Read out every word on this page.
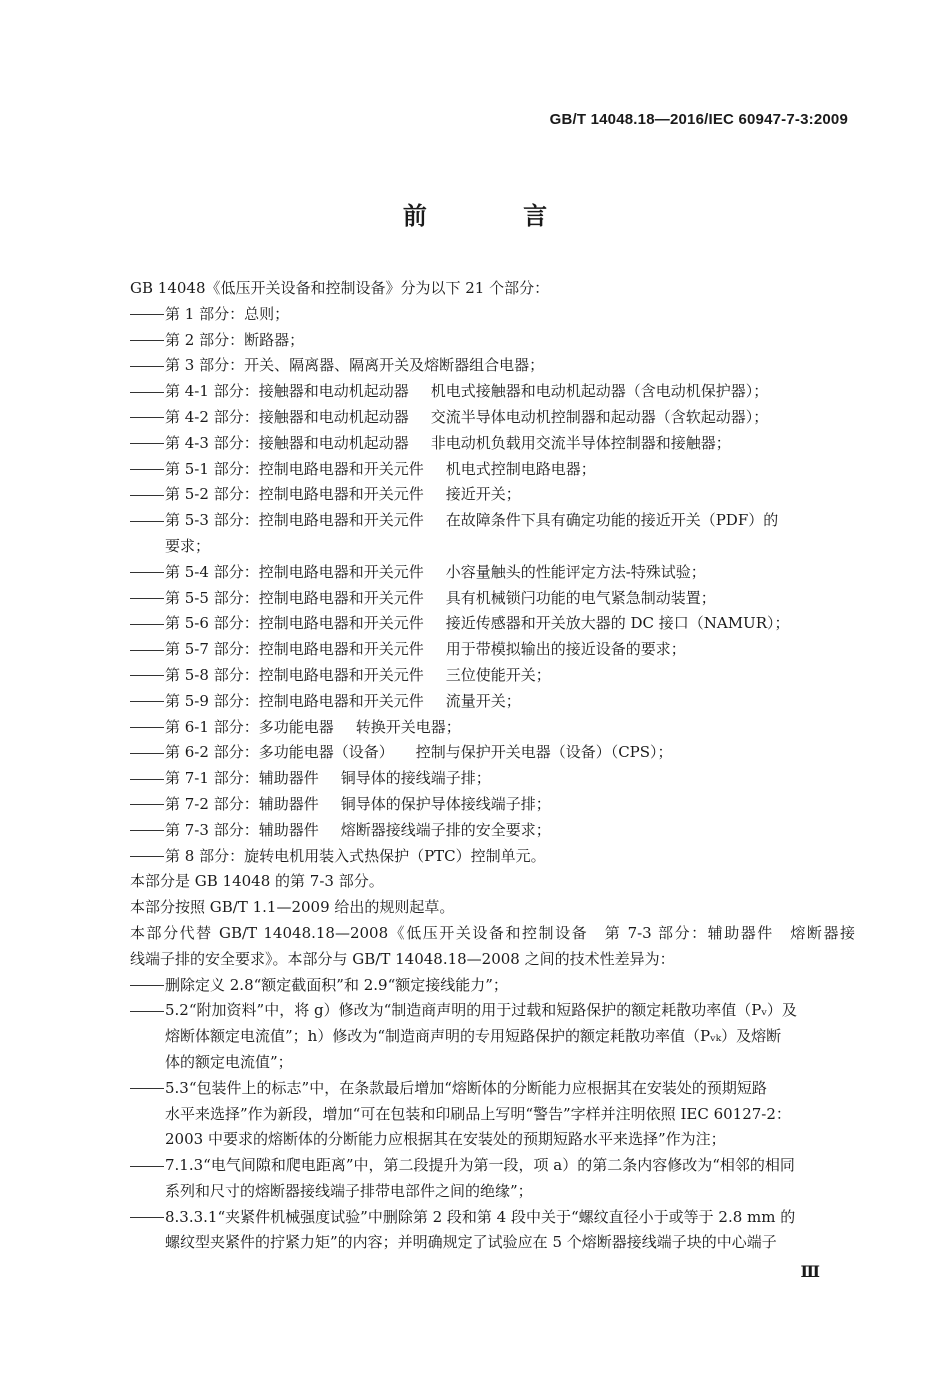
GB/T 14048.18—2016/IEC 60947-7-3:2009
前 言
GB 14048《低压开关设备和控制设备》分为以下 21 个部分：
第 1 部分：总则；
第 2 部分：断路器；
第 3 部分：开关、隔离器、隔离开关及熔断器组合电器；
第 4-1 部分：接触器和电动机起动器 机电式接触器和电动机起动器（含电动机保护器）；
第 4-2 部分：接触器和电动机起动器 交流半导体电动机控制器和起动器（含软起动器）；
第 4-3 部分：接触器和电动机起动器 非电动机负载用交流半导体控制器和接触器；
第 5-1 部分：控制电路电器和开关元件 机电式控制电路电器；
第 5-2 部分：控制电路电器和开关元件 接近开关；
第 5-3 部分：控制电路电器和开关元件 在故障条件下具有确定功能的接近开关（PDF）的
要求；
第 5-4 部分：控制电路电器和开关元件 小容量触头的性能评定方法-特殊试验；
第 5-5 部分：控制电路电器和开关元件 具有机械锁闩功能的电气紧急制动装置；
第 5-6 部分：控制电路电器和开关元件 接近传感器和开关放大器的 DC 接口（NAMUR）；
第 5-7 部分：控制电路电器和开关元件 用于带模拟输出的接近设备的要求；
第 5-8 部分：控制电路电器和开关元件 三位使能开关；
第 5-9 部分：控制电路电器和开关元件 流量开关；
第 6-1 部分：多功能电器 转换开关电器；
第 6-2 部分：多功能电器（设备） 控制与保护开关电器（设备）（CPS）；
第 7-1 部分：辅助器件 铜导体的接线端子排；
第 7-2 部分：辅助器件 铜导体的保护导体接线端子排；
第 7-3 部分：辅助器件 熔断器接线端子排的安全要求；
第 8 部分：旋转电机用装入式热保护（PTC）控制单元。
本部分是 GB 14048 的第 7-3 部分。
本部分按照 GB/T 1.1—2009 给出的规则起草。
本部分代替 GB/T 14048.18—2008《低压开关设备和控制设备　第 7-3 部分：辅助器件　熔断器接
线端子排的安全要求》。本部分与 GB/T 14048.18—2008 之间的技术性差异为：
删除定义 2.8“额定截面积”和 2.9“额定接线能力”；
5.2“附加资料”中，将 g）修改为“制造商声明的用于过载和短路保护的额定耗散功率值（Pᵥ）及
熔断体额定电流值”；h）修改为“制造商声明的专用短路保护的额定耗散功率值（Pᵥₖ）及熔断
体的额定电流值”；
5.3“包装件上的标志”中，在条款最后增加“熔断体的分断能力应根据其在安装处的预期短路
水平来选择”作为新段，增加“可在包装和印刷品上写明“警告”字样并注明依照 IEC 60127-2：
2003 中要求的熔断体的分断能力应根据其在安装处的预期短路水平来选择”作为注；
7.1.3“电气间隙和爬电距离”中，第二段提升为第一段，项 a）的第二条内容修改为“相邻的相同
系列和尺寸的熔断器接线端子排带电部件之间的绝缘”；
8.3.3.1“夹紧件机械强度试验”中删除第 2 段和第 4 段中关于“螺纹直径小于或等于 2.8 mm 的
螺纹型夹紧件的拧紧力矩”的内容；并明确规定了试验应在 5 个熔断器接线端子块的中心端子
Ⅲ
